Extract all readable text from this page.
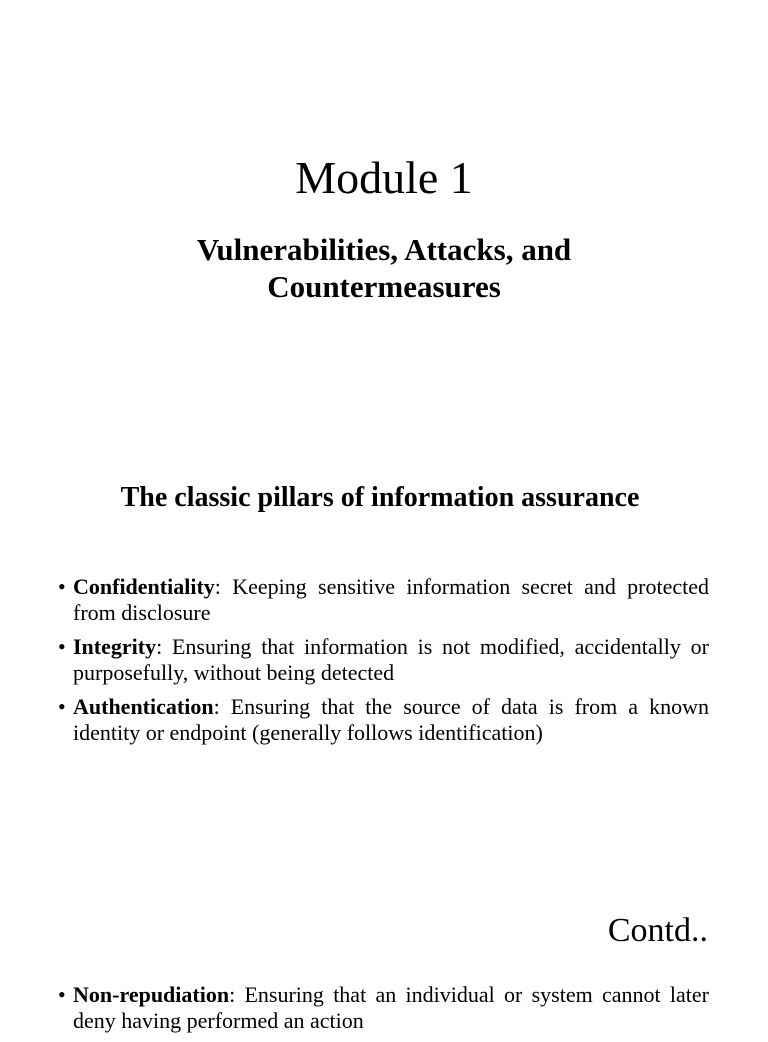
Module 1
Vulnerabilities, Attacks, and Countermeasures
The classic pillars of information assurance
• Confidentiality: Keeping sensitive information secret and protected from disclosure
• Integrity: Ensuring that information is not modified, accidentally or purposefully, without being detected
• Authentication: Ensuring that the source of data is from a known identity or endpoint (generally follows identification)
Contd..
• Non-repudiation: Ensuring that an individual or system cannot later deny having performed an action
